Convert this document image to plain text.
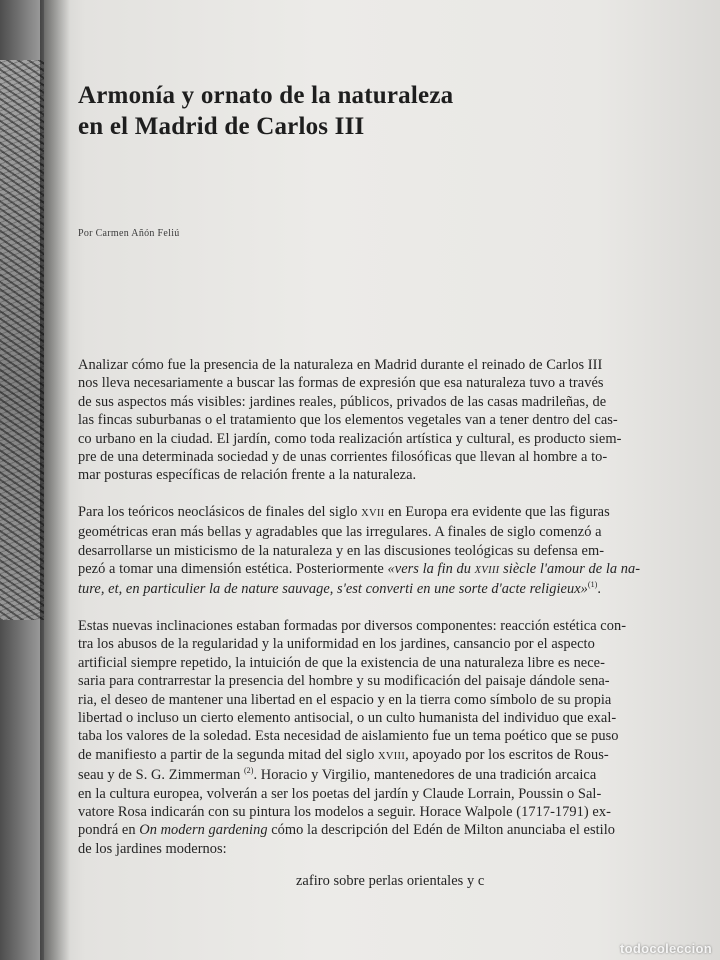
Armonía y ornato de la naturaleza
en el Madrid de Carlos III
Por Carmen Añón Feliú
Analizar cómo fue la presencia de la naturaleza en Madrid durante el reinado de Carlos III
nos lleva necesariamente a buscar las formas de expresión que esa naturaleza tuvo a través
de sus aspectos más visibles: jardines reales, públicos, privados de las casas madrileñas, de
las fincas suburbanas o el tratamiento que los elementos vegetales van a tener dentro del cas-
co urbano en la ciudad. El jardín, como toda realización artística y cultural, es producto siem-
pre de una determinada sociedad y de unas corrientes filosóficas que llevan al hombre a to-
mar posturas específicas de relación frente a la naturaleza.
Para los teóricos neoclásicos de finales del siglo XVII en Europa era evidente que las figuras
geométricas eran más bellas y agradables que las irregulares. A finales de siglo comenzó a
desarrollarse un misticismo de la naturaleza y en las discusiones teológicas su defensa em-
pezó a tomar una dimensión estética. Posteriormente «vers la fin du XVIII siècle l'amour de la na-
ture, et, en particulier la de nature sauvage, s'est converti en une sorte d'acte religieux»$^{(1)}$.
Estas nuevas inclinaciones estaban formadas por diversos componentes: reacción estética con-
tra los abusos de la regularidad y la uniformidad en los jardines, cansancio por el aspecto
artificial siempre repetido, la intuición de que la existencia de una naturaleza libre es nece-
saria para contrarrestar la presencia del hombre y su modificación del paisaje dándole sena-
ria, el deseo de mantener una libertad en el espacio y en la tierra como símbolo de su propia
libertad o incluso un cierto elemento antisocial, o un culto humanista del individuo que exal-
taba los valores de la soledad. Esta necesidad de aislamiento fue un tema poético que se puso
de manifiesto a partir de la segunda mitad del siglo XVIII, apoyado por los escritos de Rous-
seau y de S. G. Zimmerman $^{(2)}$. Horacio y Virgilio, mantenedores de una tradición arcaica
en la cultura europea, volverán a ser los poetas del jardín y Claude Lorrain, Poussin o Sal-
vatore Rosa indicarán con su pintura los modelos a seguir. Horace Walpole (1717-1791) ex-
pondrá en On modern gardening cómo la descripción del Edén de Milton anunciaba el estilo
de los jardines modernos:
zafiro sobre perlas orientales y c

todocoleccion
